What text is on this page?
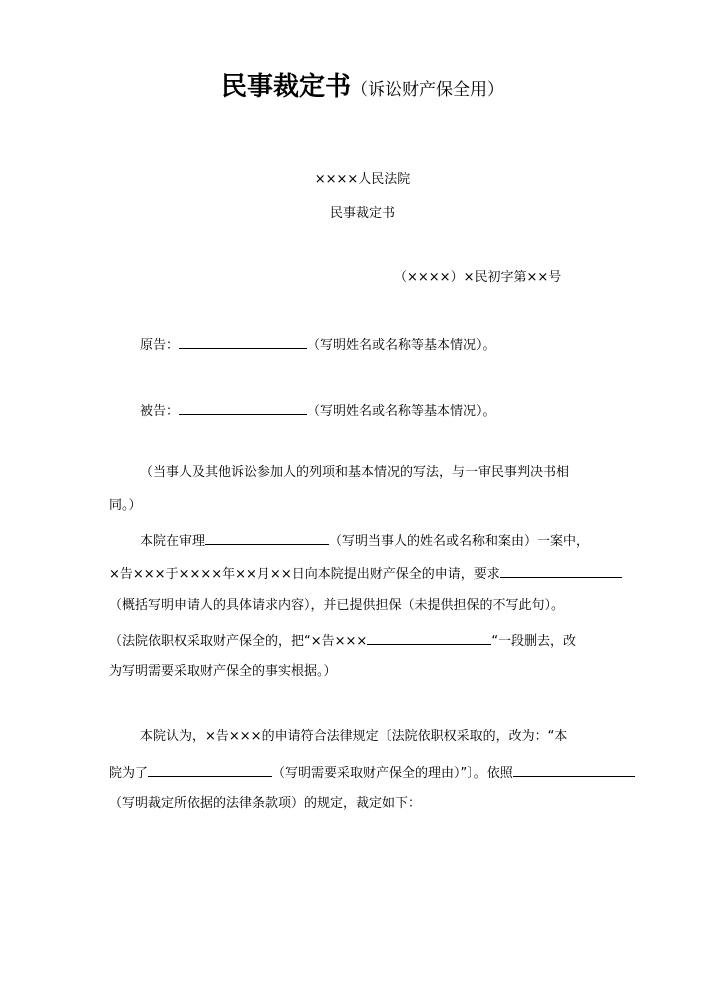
民事裁定书（诉讼财产保全用）
××××人民法院
民事裁定书
（××××）×民初字第××号
原告：	（写明姓名或名称等基本情况）。
被告：	（写明姓名或名称等基本情况）。
（当事人及其他诉讼参加人的列项和基本情况的写法，与一审民事判决书相
同。）
本院在审理	（写明当事人的姓名或名称和案由）一案中，
×告×××于××××年××月××日向本院提出财产保全的申请，要求
（概括写明申请人的具体请求内容），并已提供担保（未提供担保的不写此句）。
（法院依职权采取财产保全的，把“×告×××	“一段删去，改
为写明需要采取财产保全的事实根据。）
本院认为，×告×××的申请符合法律规定〔法院依职权采取的，改为：“本
院为了	（写明需要采取财产保全的理由）”〕。依照
（写明裁定所依据的法律条款项）的规定，裁定如下：
